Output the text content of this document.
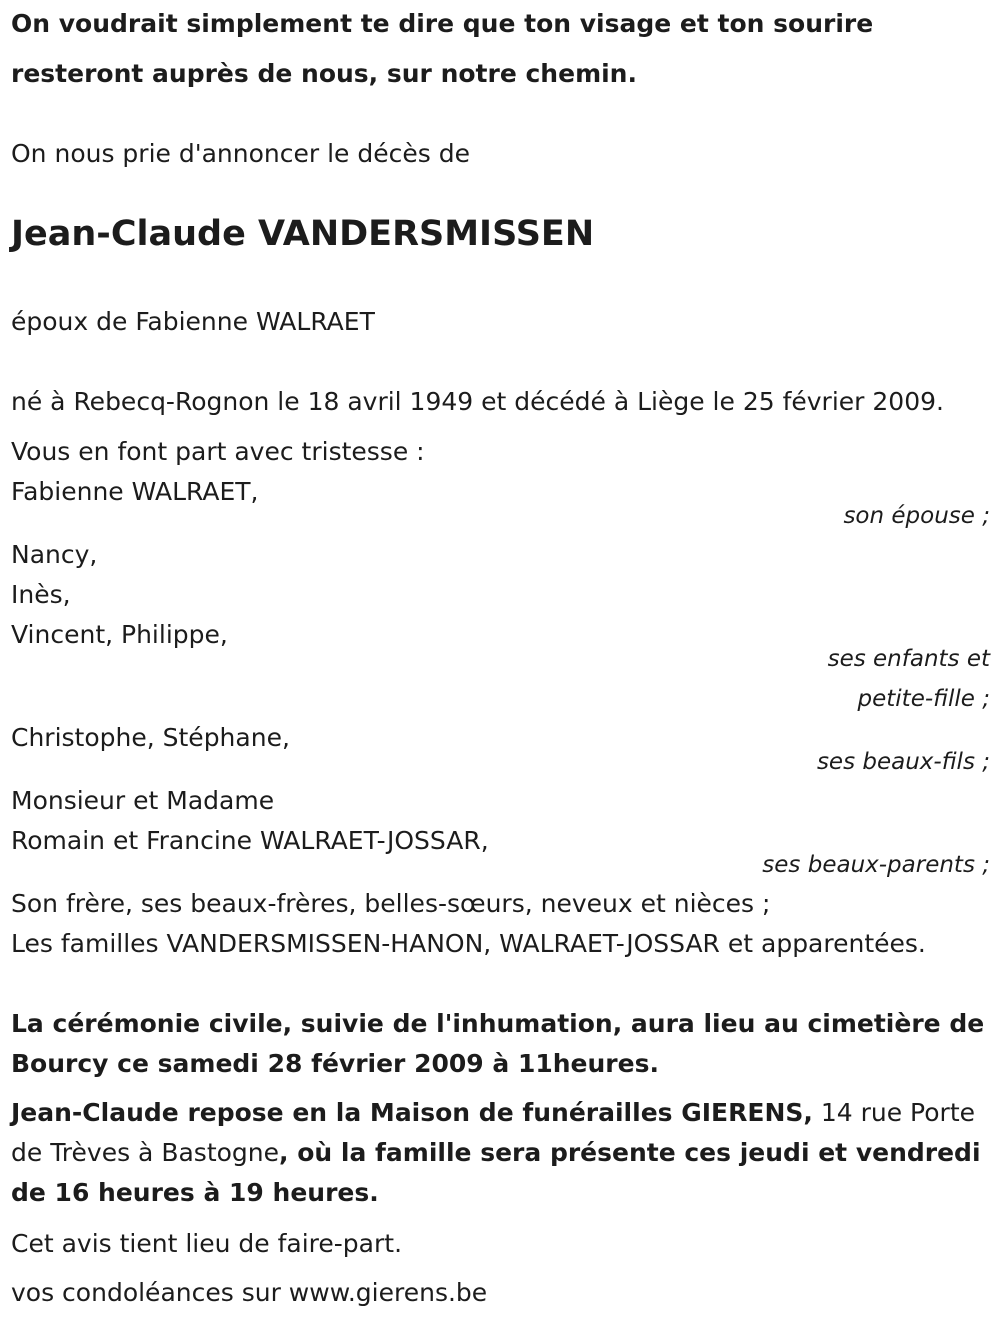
On voudrait simplement te dire que ton visage et ton sourire

resteront auprès de nous, sur notre chemin.

On nous prie d'annoncer le décès de

Jean-Claude VANDERSMISSEN

époux de Fabienne WALRAET

né à Rebecq-Rognon le 18 avril 1949 et décédé à Liège le 25 février 2009.

Vous en font part avec tristesse :

Fabienne WALRAET,

son épouse ;

Nancy,

Inès,

Vincent, Philippe,

ses enfants et
petite-fille ;

Christophe, Stéphane,

ses beaux-fils ;

Monsieur et Madame

Romain et Francine WALRAET-JOSSAR,

ses beaux-parents ;

Son frère, ses beaux-frères, belles-sœurs, neveux et nièces ;

Les familles VANDERSMISSEN-HANON, WALRAET-JOSSAR et apparentées.

La cérémonie civile, suivie de l'inhumation, aura lieu au cimetière de

Bourcy ce samedi 28 février 2009 à 11heures.

Jean-Claude repose en la Maison de funérailles GIERENS, 14 rue Porte

de Trèves à Bastogne, où la famille sera présente ces jeudi et vendredi

de 16 heures à 19 heures.

Cet avis tient lieu de faire-part.

vos condoléances sur www.gierens.be
